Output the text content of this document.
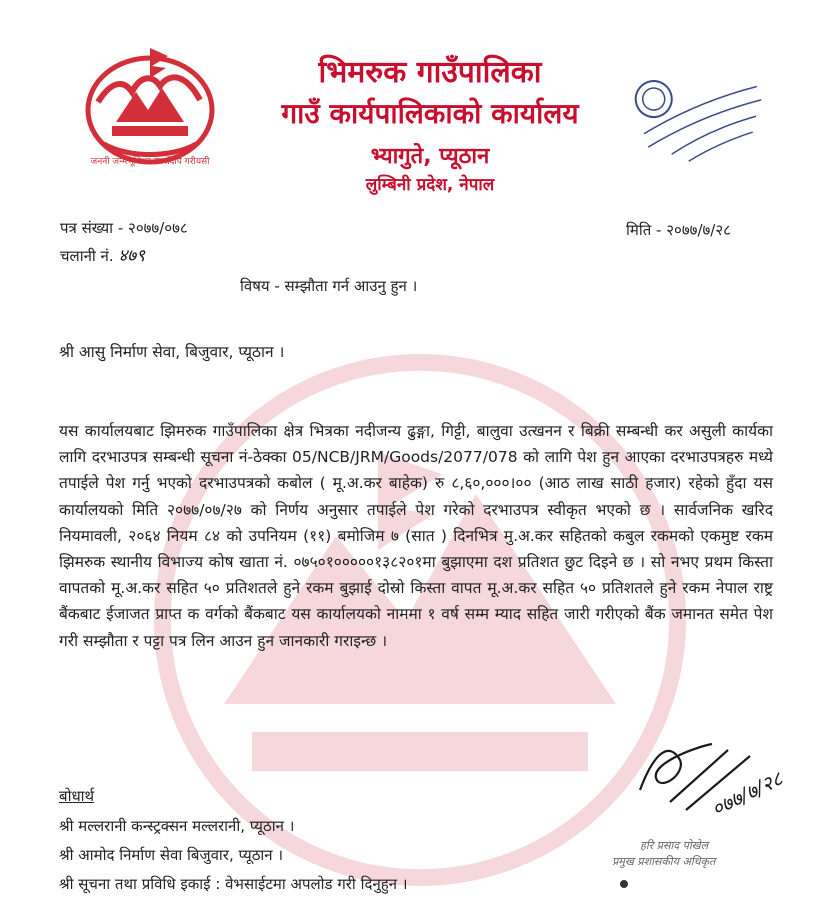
जननी जन्मभूमिश्च स्वर्गादपि गरीयसी
भिमरुक गाउँपालिका
गाउँ कार्यपालिकाको कार्यालय
भ्यागुते, प्यूठान
लुम्बिनी प्रदेश, नेपाल
पत्र संख्या - २०७७/०७८
चलानी नं. ४७९
मिति - २०७७/७/२८
विषय - सम्झौता गर्न आउनु हुन ।
श्री आसु निर्माण सेवा, बिजुवार, प्यूठान ।
यस कार्यालयबाट झिमरुक गाउँपालिका क्षेत्र भित्रका नदीजन्य ढुङ्गा, गिट्टी, बालुवा उत्खनन र बिक्री सम्बन्धी कर असुली कार्यका लागि दरभाउपत्र सम्बन्धी सूचना नं-ठेक्का 05/NCB/JRM/Goods/2077/078 को लागि पेश हुन आएका दरभाउपत्रहरु मध्ये तपाईले पेश गर्नु भएको दरभाउपत्रको कबोल ( मू.अ.कर बाहेक) रु ८,६०,०००।०० (आठ लाख साठी हजार) रहेको हुँदा यस कार्यालयको मिति २०७७/०७/२७ को निर्णय अनुसार तपाईले पेश गरेको दरभाउपत्र स्वीकृत भएको छ । सार्वजनिक खरिद नियमावली, २०६४ नियम ८४ को उपनियम (११) बमोजिम ७ (सात ) दिनभित्र मु.अ.कर सहितको कबुल रकमको एकमुष्ट रकम झिमरुक स्थानीय विभाज्य कोष खाता नं. ०७५०१०००००१३८२०१मा बुझाएमा दश प्रतिशत छुट दिइने छ । सो नभए प्रथम किस्ता वापतको मू.अ.कर सहित ५० प्रतिशतले हुने रकम बुझाई दोस्रो किस्ता वापत मू.अ.कर सहित ५० प्रतिशतले हुने रकम नेपाल राष्ट्र बैंकबाट ईजाजत प्राप्त क वर्गको बैंकबाट यस कार्यालयको नाममा १ वर्ष सम्म म्याद सहित जारी गरीएको बैंक जमानत समेत पेश गरी सम्झौता र पट्टा पत्र लिन आउन हुन जानकारी गराइन्छ ।
०७७/७/२८
हरि प्रसाद पोखेल
प्रमुख प्रशासकीय अधिकृत
बोधार्थ
श्री मल्लरानी कन्स्ट्रक्सन मल्लरानी, प्यूठान ।
श्री आमोद निर्माण सेवा बिजुवार, प्यूठान ।
श्री सूचना तथा प्रविधि इकाई : वेभसाईटमा अपलोड गरी दिनुहुन ।
